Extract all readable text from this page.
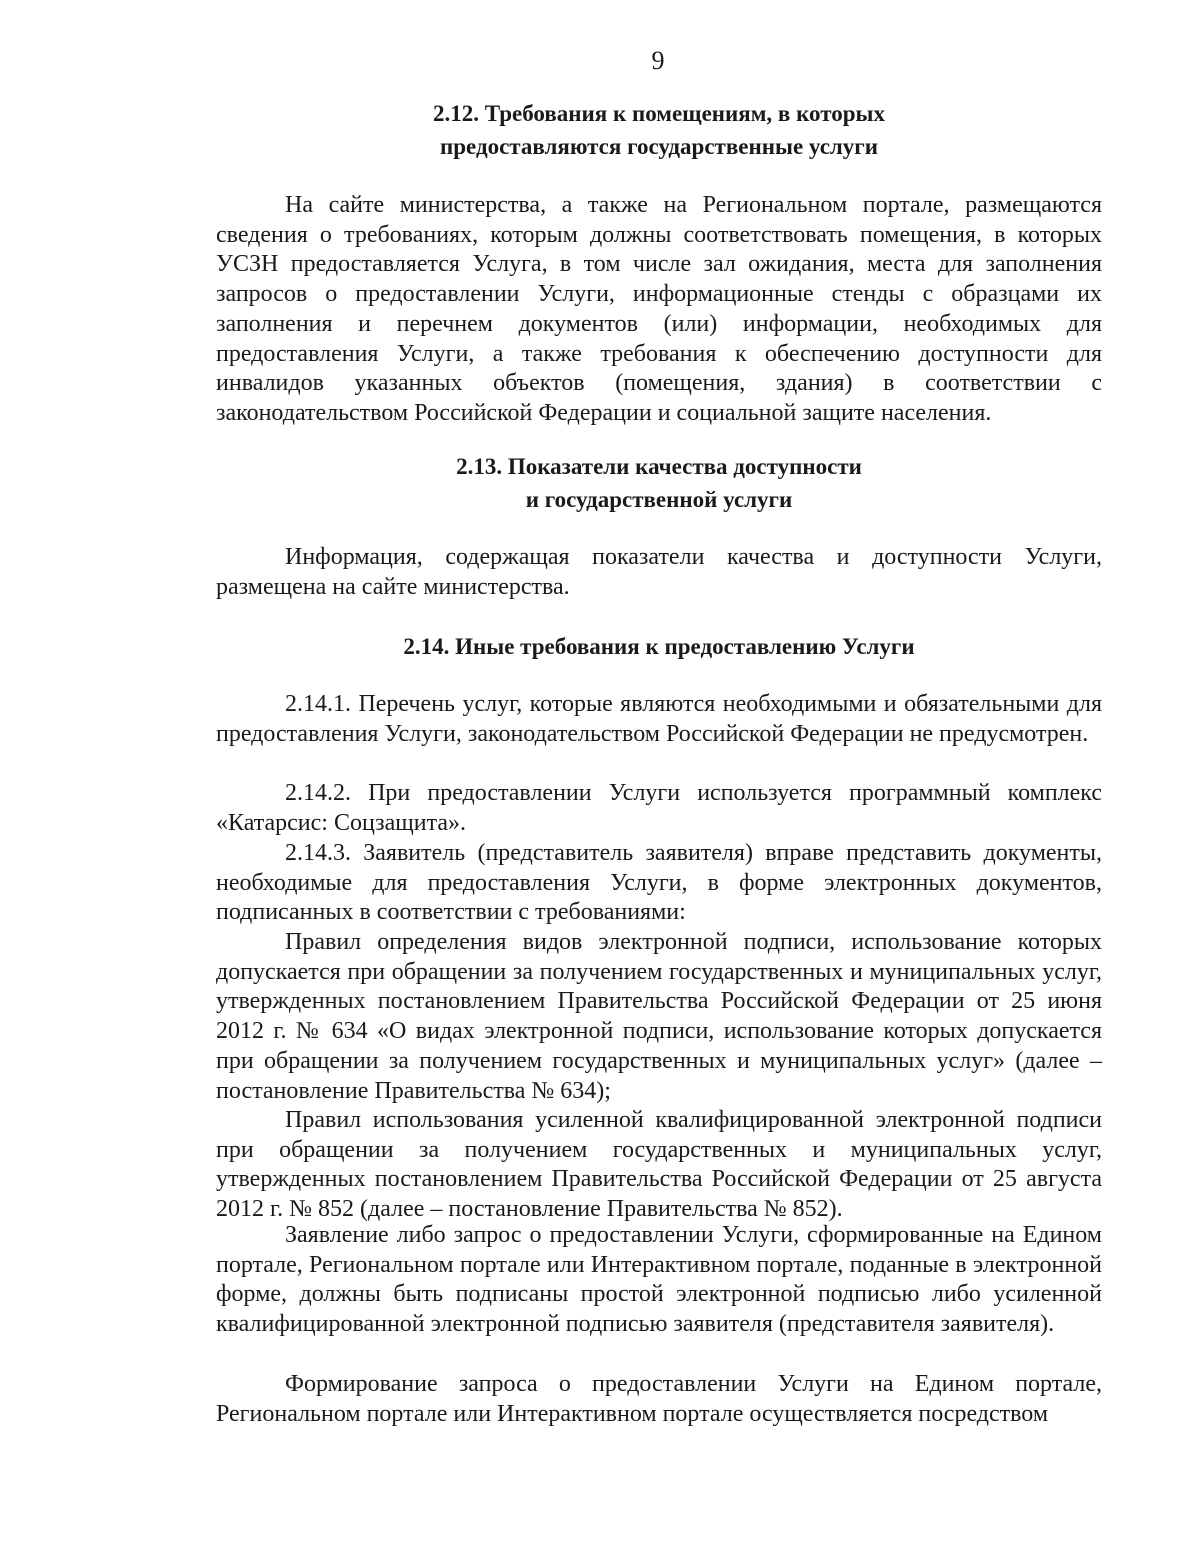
9
2.12. Требования к помещениям, в которых
предоставляются государственные услуги

На сайте министерства, а также на Региональном портале, размещаются сведения о требованиях, которым должны соответствовать помещения, в которых УСЗН предоставляется Услуга, в том числе зал ожидания, места для заполнения запросов о предоставлении Услуги, информационные стенды с образцами их заполнения и перечнем документов (или) информации, необходимых для предоставления Услуги, а также требования к обеспечению доступности для инвалидов указанных объектов (помещения, здания) в соответствии с законодательством Российской Федерации и социальной защите населения.

2.13. Показатели качества доступности
и государственной услуги

Информация, содержащая показатели качества и доступности Услуги, размещена на сайте министерства.

2.14. Иные требования к предоставлению Услуги

2.14.1. Перечень услуг, которые являются необходимыми и обязательными для предоставления Услуги, законодательством Российской Федерации не предусмотрен.

2.14.2. При предоставлении Услуги используется программный комплекс «Катарсис: Соцзащита».

2.14.3. Заявитель (представитель заявителя) вправе представить документы, необходимые для предоставления Услуги, в форме электронных документов, подписанных в соответствии с требованиями:

Правил определения видов электронной подписи, использование которых допускается при обращении за получением государственных и муниципальных услуг, утвержденных постановлением Правительства Российской Федерации от 25 июня 2012 г. № 634 «О видах электронной подписи, использование которых допускается при обращении за получением государственных и муниципальных услуг» (далее – постановление Правительства № 634);

Правил использования усиленной квалифицированной электронной подписи при обращении за получением государственных и муниципальных услуг, утвержденных постановлением Правительства Российской Федерации от 25 августа 2012 г. № 852 (далее – постановление Правительства № 852).

Заявление либо запрос о предоставлении Услуги, сформированные на Едином портале, Региональном портале или Интерактивном портале, поданные в электронной форме, должны быть подписаны простой электронной подписью либо усиленной квалифицированной электронной подписью заявителя (представителя заявителя).

Формирование запроса о предоставлении Услуги на Едином портале, Региональном портале или Интерактивном портале осуществляется посредством
